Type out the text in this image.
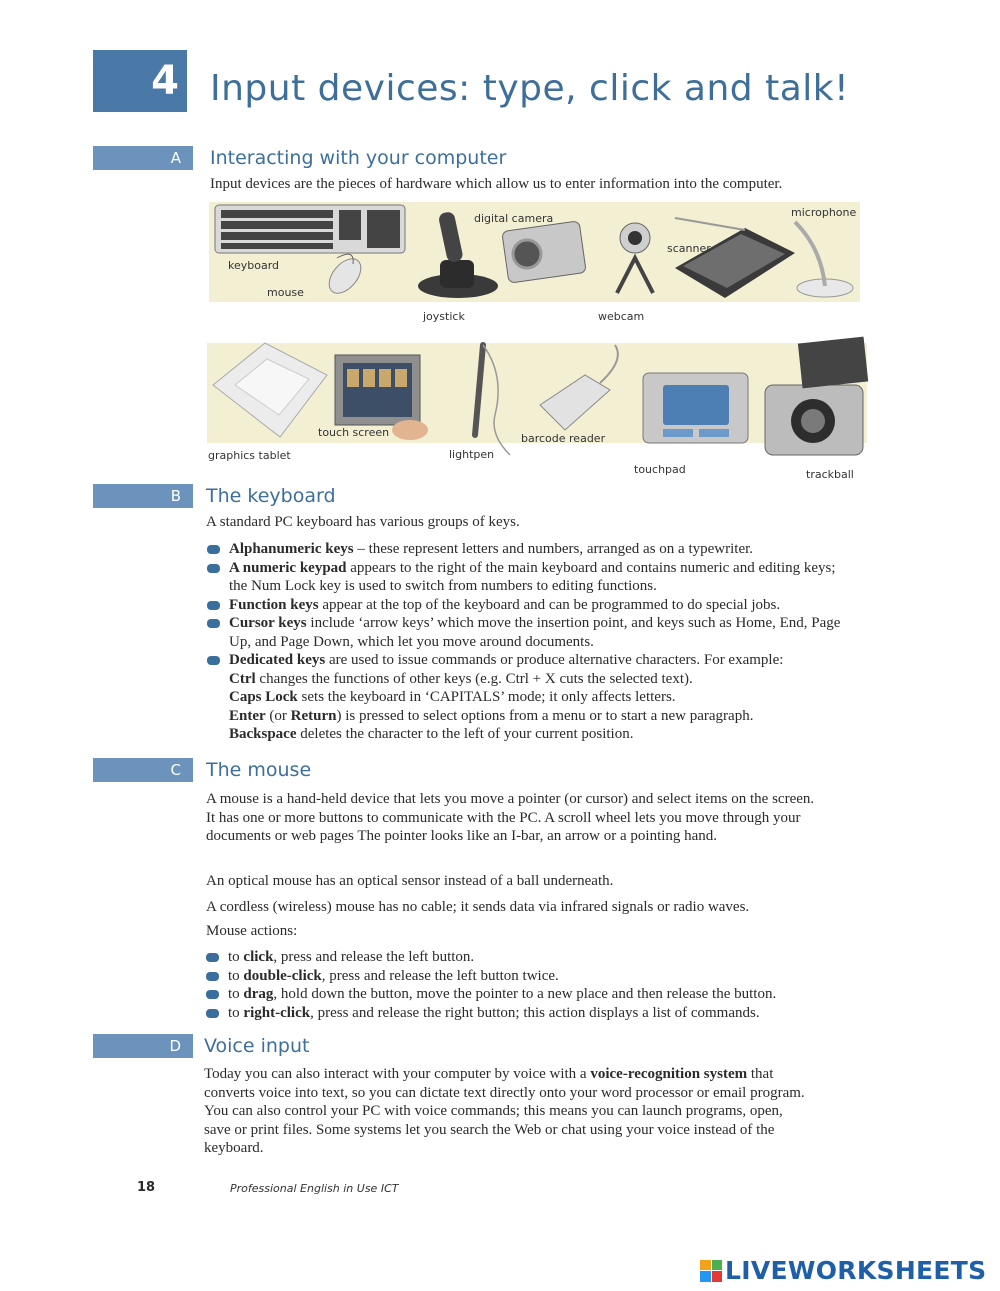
4 Input devices: type, click and talk!
A	Interacting with your computer
Input devices are the pieces of hardware which allow us to enter information into the computer.
keyboard
mouse
joystick
digital camera
webcam
scanner
microphone
graphics tablet
touch screen
lightpen
barcode reader
touchpad	trackball
B	The keyboard
A standard PC keyboard has various groups of keys.
Alphanumeric keys – these represent letters and numbers, arranged as on a typewriter.
A numeric keypad appears to the right of the main keyboard and contains numeric and editing keys; the Num Lock key is used to switch from numbers to editing functions.
Function keys appear at the top of the keyboard and can be programmed to do special jobs.
Cursor keys include ‘arrow keys’ which move the insertion point, and keys such as Home, End, Page Up, and Page Down, which let you move around documents.
Dedicated keys are used to issue commands or produce alternative characters. For example:
Ctrl changes the functions of other keys (e.g. Ctrl + X cuts the selected text).
Caps Lock sets the keyboard in ‘CAPITALS’ mode; it only affects letters.
Enter (or Return) is pressed to select options from a menu or to start a new paragraph.
Backspace deletes the character to the left of your current position.
C	The mouse
A mouse is a hand-held device that lets you move a pointer (or cursor) and select items on the screen. It has one or more buttons to communicate with the PC. A scroll wheel lets you move through your documents or web pages The pointer looks like an I-bar, an arrow or a pointing hand.
An optical mouse has an optical sensor instead of a ball underneath.
A cordless (wireless) mouse has no cable; it sends data via infrared signals or radio waves.
Mouse actions:
to click, press and release the left button.
to double-click, press and release the left button twice.
to drag, hold down the button, move the pointer to a new place and then release the button.
to right-click, press and release the right button; this action displays a list of commands.
D	Voice input
Today you can also interact with your computer by voice with a voice-recognition system that converts voice into text, so you can dictate text directly onto your word processor or email program. You can also control your PC with voice commands; this means you can launch programs, open, save or print files. Some systems let you search the Web or chat using your voice instead of the keyboard.
18	Professional English in Use ICT
LIVEWORKSHEETS
